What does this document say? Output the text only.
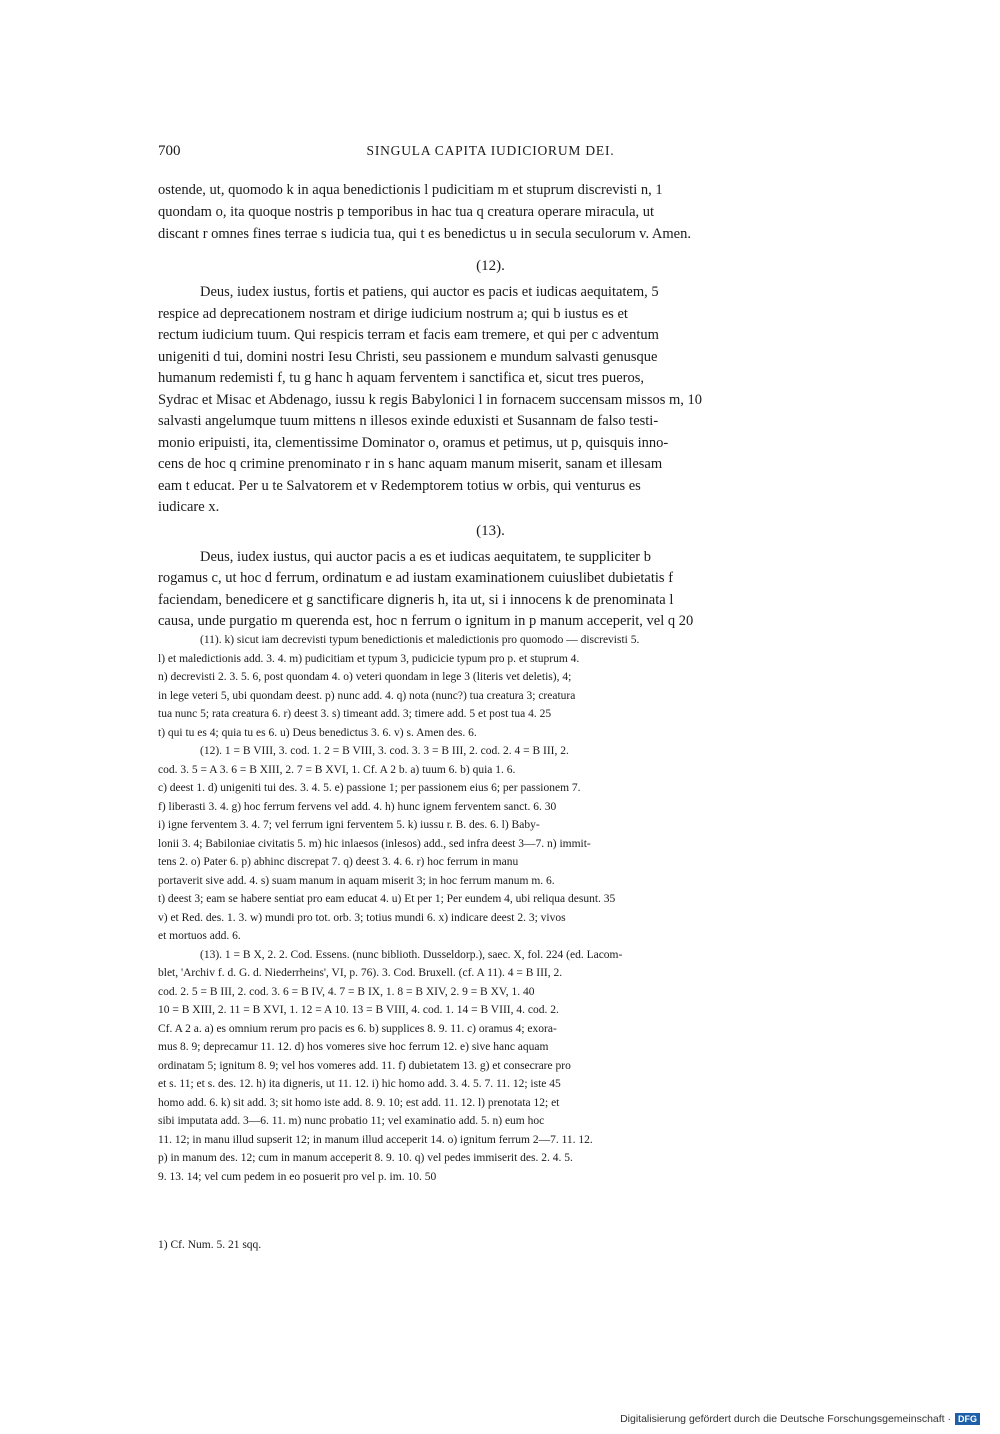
700	SINGULA CAPITA IUDICIORUM DEI.
ostende, ut, quomodo k in aqua benedictionis l pudicitiam m et stuprum discrevisti n, 1
quondam o, ita quoque nostris p temporibus in hac tua q creatura operare miracula, ut
discant r omnes fines terrae s iudicia tua, qui t es benedictus u in secula seculorum v. Amen.
(12).
Deus, iudex iustus, fortis et patiens, qui auctor es pacis et iudicas aequitatem, 5
respice ad deprecationem nostram et dirige iudicium nostrum a; qui b iustus es et
rectum iudicium tuum. Qui respicis terram et facis eam tremere, et qui per c adventum
unigeniti d tui, domini nostri Iesu Christi, seu passionem e mundum salvasti genusque
humanum redemisti f, tu g hanc h aquam ferventem i sanctifica et, sicut tres pueros,
Sydrac et Misac et Abdenago, iussu k regis Babylonici l in fornacem succensam missos m, 10
salvasti angelumque tuum mittens n illesos exinde eduxisti et Susannam de falso testi-
monio eripuisti, ita, clementissime Dominator o, oramus et petimus, ut p, quisquis inno-
cens de hoc q crimine prenominato r in s hanc aquam manum miserit, sanam et illesam
eam t educat. Per u te Salvatorem et v Redemptorem totius w orbis, qui venturus es
iudicare x.
(13).
Deus, iudex iustus, qui auctor pacis a es et iudicas aequitatem, te suppliciter b
rogamus c, ut hoc d ferrum, ordinatum e ad iustam examinationem cuiuslibet dubietatis f
faciendam, benedicere et g sanctificare digneris h, ita ut, si i innocens k de prenominata l
causa, unde purgatio m querenda est, hoc n ferrum o ignitum in p manum acceperit, vel q 20
(11). k) sicut iam decrevisti typum benedictionis et maledictionis pro quomodo — discrevisti 5.
l) et maledictionis add. 3. 4. m) pudicitiam et typum 3, pudicicie typum pro p. et stuprum 4.
n) decrevisti 2. 3. 5. 6, post quondam 4. o) veteri quondam in lege 3 (literis vet deletis), 4;
in lege veteri 5, ubi quondam deest. p) nunc add. 4. q) nota (nunc?) tua creatura 3; creatura
tua nunc 5; rata creatura 6. r) deest 3. s) timeant add. 3; timere add. 5 et post tua 4. 25
t) qui tu es 4; quia tu es 6. u) Deus benedictus 3. 6. v) s. Amen des. 6.
(12). 1 = B VIII, 3. cod. 1. 2 = B VIII, 3. cod. 3. 3 = B III, 2. cod. 2. 4 = B III, 2.
cod. 3. 5 = A 3. 6 = B XIII, 2. 7 = B XVI, 1. Cf. A 2 b. a) tuum 6. b) quia 1. 6.
c) deest 1. d) unigeniti tui des. 3. 4. 5. e) passione 1; per passionem eius 6; per passionem 7.
f) liberasti 3. 4. g) hoc ferrum fervens vel add. 4. h) hunc ignem ferventem sanct. 6. 30
i) igne ferventem 3. 4. 7; vel ferrum igni ferventem 5. k) iussu r. B. des. 6. l) Baby-
lonii 3. 4; Babiloniae civitatis 5. m) hic inlaesos (inlesos) add., sed infra deest 3—7. n) immit-
tens 2. o) Pater 6. p) abhinc discrepat 7. q) deest 3. 4. 6. r) hoc ferrum in manu
portaverit sive add. 4. s) suam manum in aquam miserit 3; in hoc ferrum manum m. 6.
t) deest 3; eam se habere sentiat pro eam educat 4. u) Et per 1; Per eundem 4, ubi reliqua desunt. 35
v) et Red. des. 1. 3. w) mundi pro tot. orb. 3; totius mundi 6. x) indicare deest 2. 3; vivos
et mortuos add. 6.
(13). 1 = B X, 2. 2. Cod. Essens. (nunc biblioth. Dusseldorp.), saec. X, fol. 224 (ed. Lacom-
blet, 'Archiv f. d. G. d. Niederrheins', VI, p. 76). 3. Cod. Bruxell. (cf. A 11). 4 = B III, 2.
cod. 2. 5 = B III, 2. cod. 3. 6 = B IV, 4. 7 = B IX, 1. 8 = B XIV, 2. 9 = B XV, 1. 40
10 = B XIII, 2. 11 = B XVI, 1. 12 = A 10. 13 = B VIII, 4. cod. 1. 14 = B VIII, 4. cod. 2.
Cf. A 2 a. a) es omnium rerum pro pacis es 6. b) supplices 8. 9. 11. c) oramus 4; exora-
mus 8. 9; deprecamur 11. 12. d) hos vomeres sive hoc ferrum 12. e) sive hanc aquam
ordinatam 5; ignitum 8. 9; vel hos vomeres add. 11. f) dubietatem 13. g) et consecrare pro
et s. 11; et s. des. 12. h) ita digneris, ut 11. 12. i) hic homo add. 3. 4. 5. 7. 11. 12; iste 45
homo add. 6. k) sit add. 3; sit homo iste add. 8. 9. 10; est add. 11. 12. l) prenotata 12; et
sibi imputata add. 3—6. 11. m) nunc probatio 11; vel examinatio add. 5. n) eum hoc
11. 12; in manu illud supserit 12; in manum illud acceperit 14. o) ignitum ferrum 2—7. 11. 12.
p) in manum des. 12; cum in manum acceperit 8. 9. 10. q) vel pedes immiserit des. 2. 4. 5.
9. 13. 14; vel cum pedem in eo posuerit pro vel p. im. 10. 50
1) Cf. Num. 5. 21 sqq.
Digitalisierung gefördert durch die Deutsche Forschungsgemeinschaft · DFG
